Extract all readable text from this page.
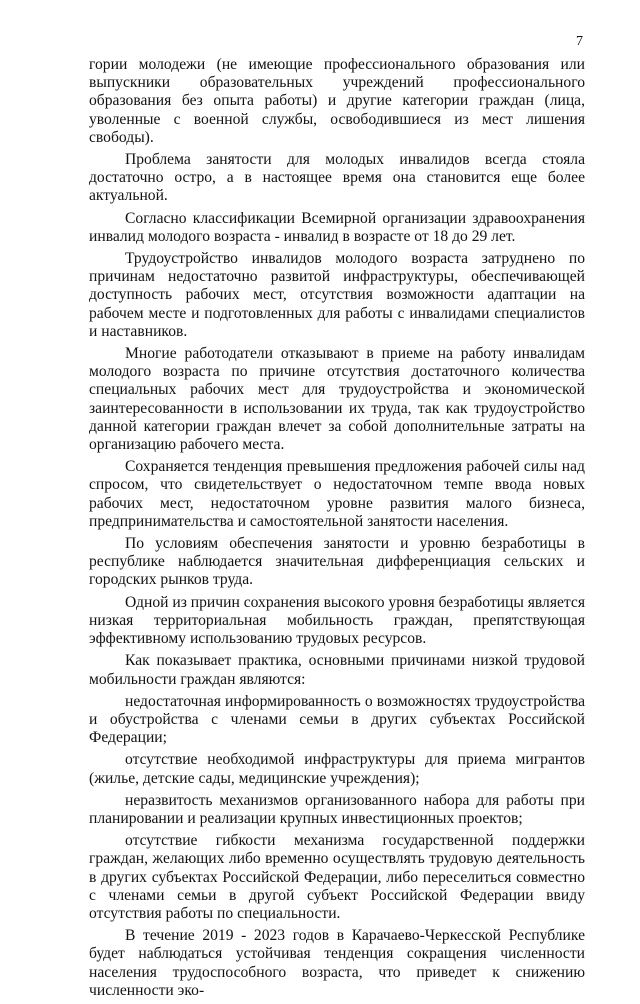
7

гории молодежи (не имеющие профессионального образования или выпускники образовательных учреждений профессионального образования без опыта работы) и другие категории граждан (лица, уволенные с военной службы, освободившиеся из мест лишения свободы).

Проблема занятости для молодых инвалидов всегда стояла достаточно остро, а в настоящее время она становится еще более актуальной.

Согласно классификации Всемирной организации здравоохранения инвалид молодого возраста - инвалид в возрасте от 18 до 29 лет.

Трудоустройство инвалидов молодого возраста затруднено по причинам недостаточно развитой инфраструктуры, обеспечивающей доступность рабочих мест, отсутствия возможности адаптации на рабочем месте и подготовленных для работы с инвалидами специалистов и наставников.

Многие работодатели отказывают в приеме на работу инвалидам молодого возраста по причине отсутствия достаточного количества специальных рабочих мест для трудоустройства и экономической заинтересованности в использовании их труда, так как трудоустройство данной категории граждан влечет за собой дополнительные затраты на организацию рабочего места.

Сохраняется тенденция превышения предложения рабочей силы над спросом, что свидетельствует о недостаточном темпе ввода новых рабочих мест, недостаточном уровне развития малого бизнеса, предпринимательства и самостоятельной занятости населения.

По условиям обеспечения занятости и уровню безработицы в республике наблюдается значительная дифференциация сельских и городских рынков труда.

Одной из причин сохранения высокого уровня безработицы является низкая территориальная мобильность граждан, препятствующая эффективному использованию трудовых ресурсов.

Как показывает практика, основными причинами низкой трудовой мобильности граждан являются:

недостаточная информированность о возможностях трудоустройства и обустройства с членами семьи в других субъектах Российской Федерации;

отсутствие необходимой инфраструктуры для приема мигрантов (жилье, детские сады, медицинские учреждения);

неразвитость механизмов организованного набора для работы при планировании и реализации крупных инвестиционных проектов;

отсутствие гибкости механизма государственной поддержки граждан, желающих либо временно осуществлять трудовую деятельность в других субъектах Российской Федерации, либо переселиться совместно с членами семьи в другой субъект Российской Федерации ввиду отсутствия работы по специальности.

В течение 2019 - 2023 годов в Карачаево-Черкесской Республике будет наблюдаться устойчивая тенденция сокращения численности населения трудоспособного возраста, что приведет к снижению численности эко-
